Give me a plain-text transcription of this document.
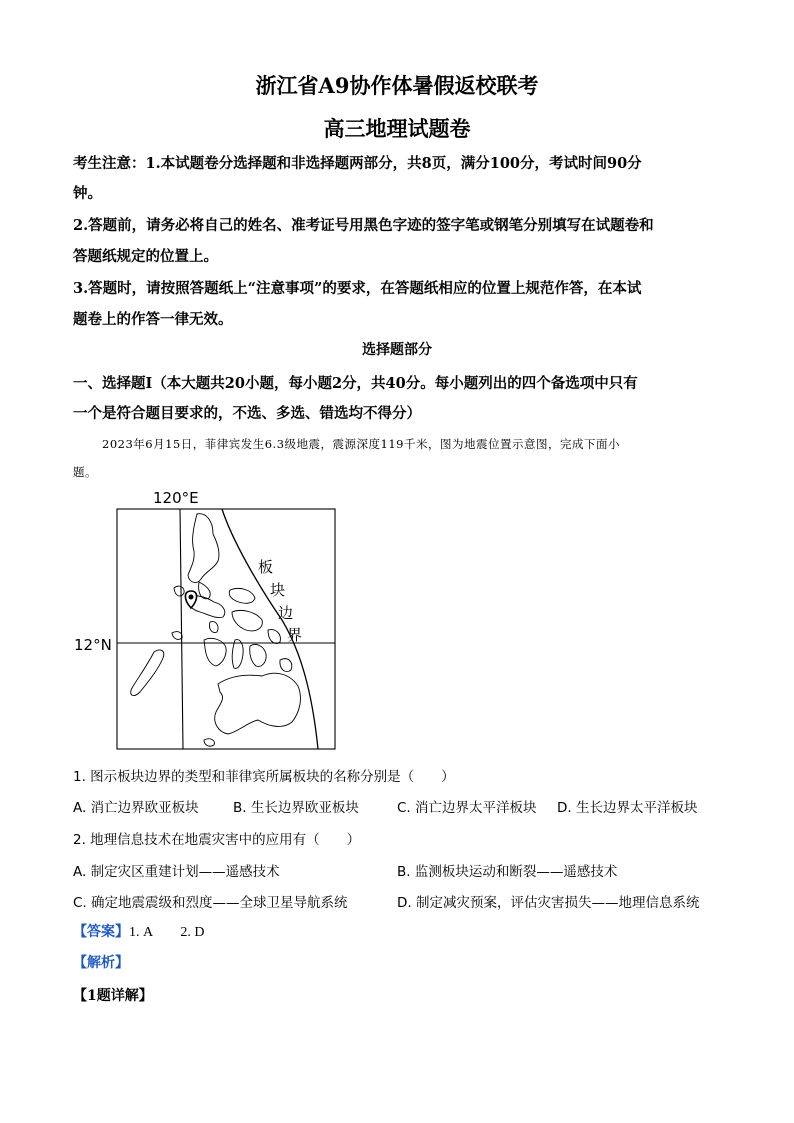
浙江省A9协作体暑假返校联考
高三地理试题卷
考生注意：1.本试题卷分选择题和非选择题两部分，共8页，满分100分，考试时间90分
钟。
2.答题前，请务必将自己的姓名、准考证号用黑色字迹的签字笔或钢笔分别填写在试题卷和
答题纸规定的位置上。
3.答题时，请按照答题纸上“注意事项”的要求，在答题纸相应的位置上规范作答，在本试
题卷上的作答一律无效。
选择题部分
一、选择题Ⅰ（本大题共20小题，每小题2分，共40分。每小题列出的四个备选项中只有
一个是符合题目要求的，不选、多选、错选均不得分）
2023年6月15日，菲律宾发生6.3级地震，震源深度119千米，图为地震位置示意图，完成下面小
题。
120°E
12°N
板
块
边
界
1. 图示板块边界的类型和菲律宾所属板块的名称分别是（　　）
A. 消亡边界欧亚板块	B. 生长边界欧亚板块	C. 消亡边界太平洋板块 D. 生长边界太平洋板块
2. 地理信息技术在地震灾害中的应用有（　　）
A. 制定灾区重建计划——遥感技术	B. 监测板块运动和断裂——遥感技术
C. 确定地震震级和烈度——全球卫星导航系统	D. 制定减灾预案，评估灾害损失——地理信息系统
【答案】1. A　　2. D
【解析】
【1题详解】
